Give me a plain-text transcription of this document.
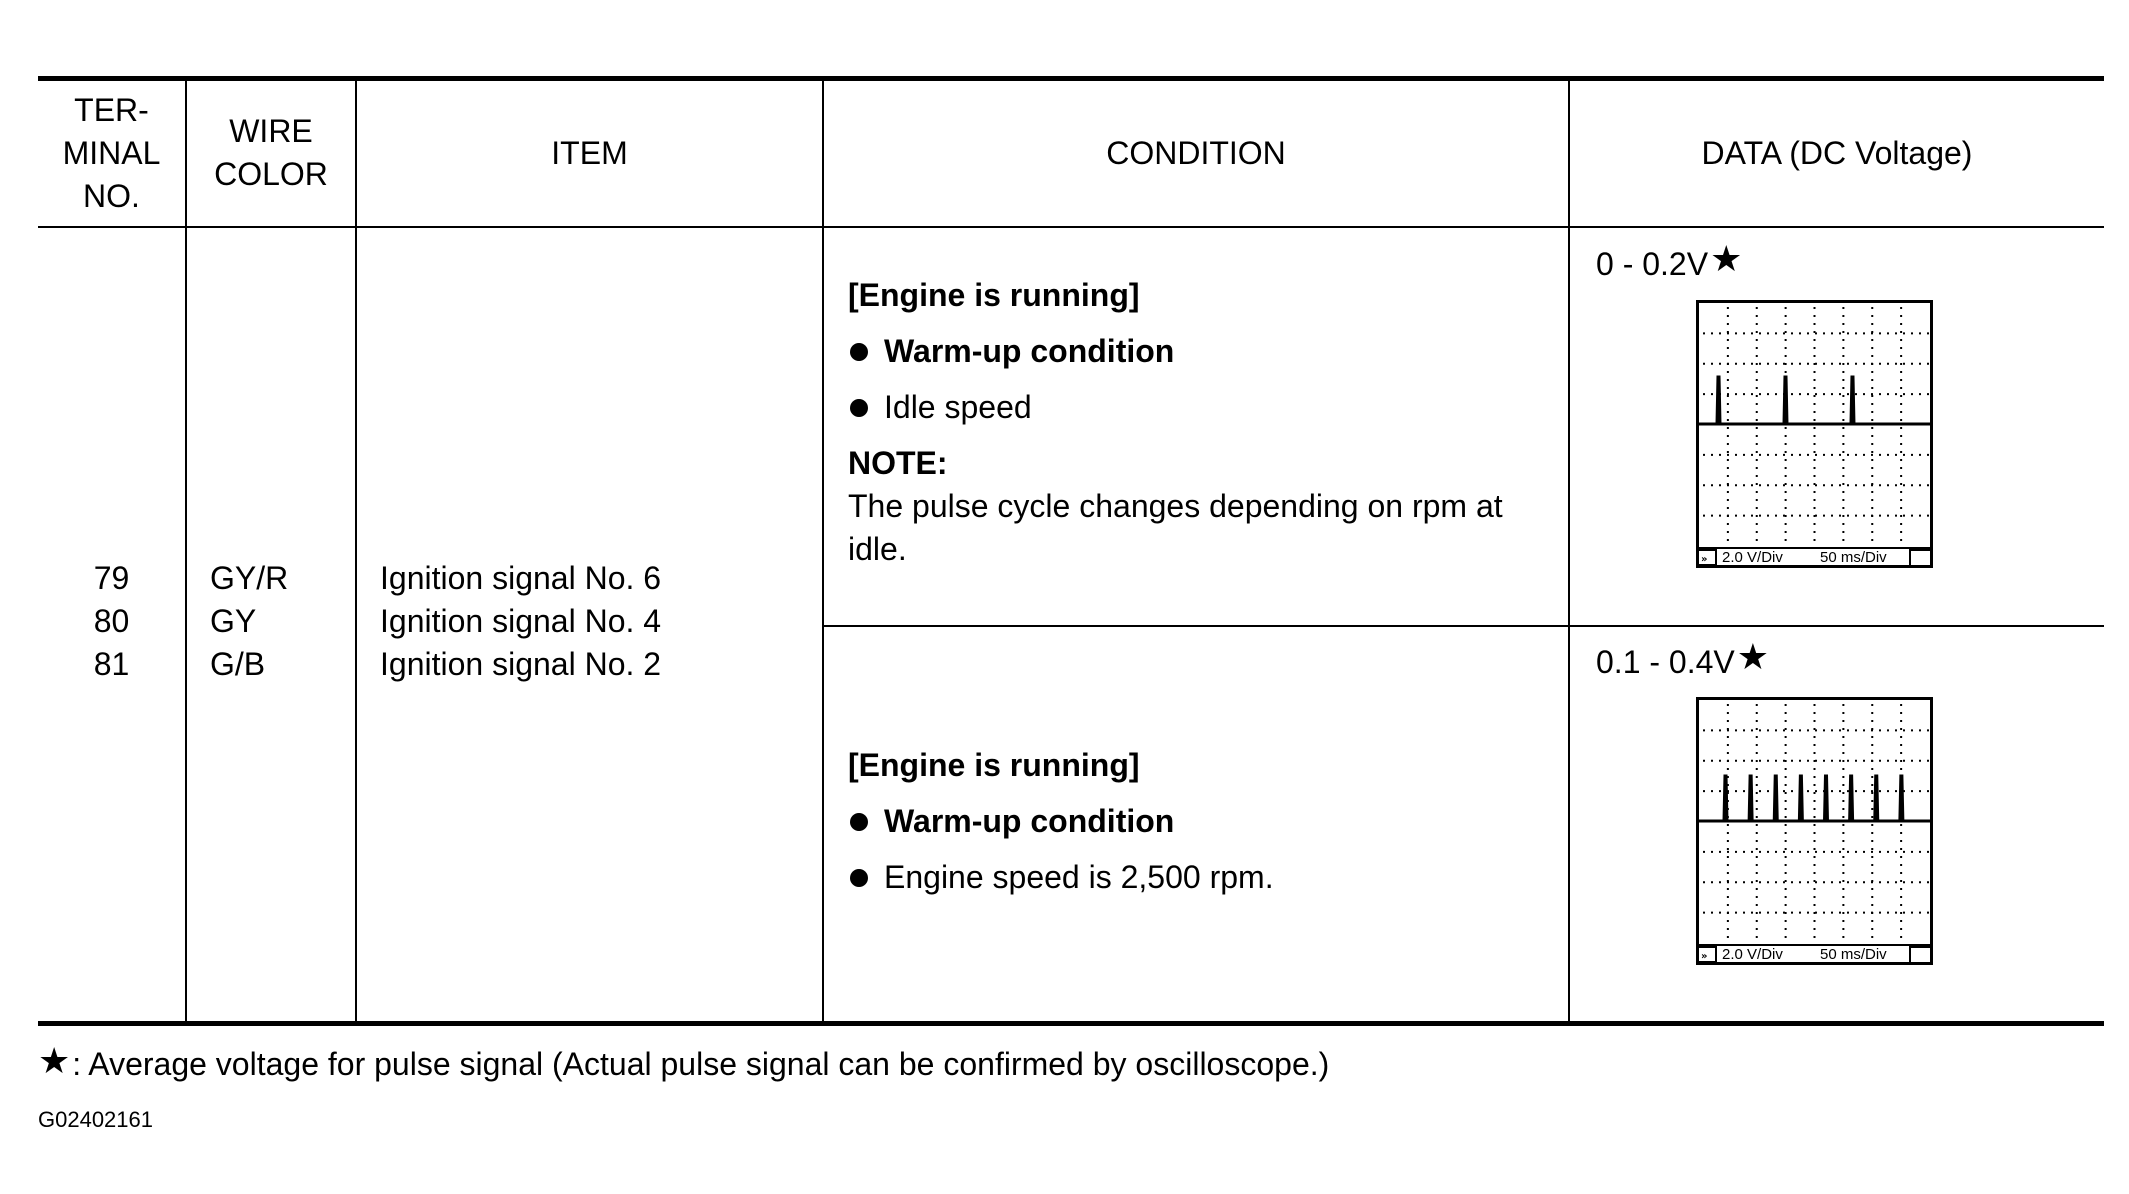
TER-
MINAL
NO.
WIRE
COLOR
ITEM	CONDITION	DATA (DC Voltage)
79
80
81
GY/R
GY
G/B
Ignition signal No. 6
Ignition signal No. 4
Ignition signal No. 2
[Engine is running]
Warm-up condition
Idle speed
NOTE:
The pulse cycle changes depending on rpm at idle.
[Engine is running]
Warm-up condition
Engine speed is 2,500 rpm.
0 - 0.2V ★
0.1 - 0.4V ★
» 2.0 V/Div 50 ms/Div
» 2.0 V/Div 50 ms/Div
★ : Average voltage for pulse signal (Actual pulse signal can be confirmed by oscilloscope.)
G02402161
